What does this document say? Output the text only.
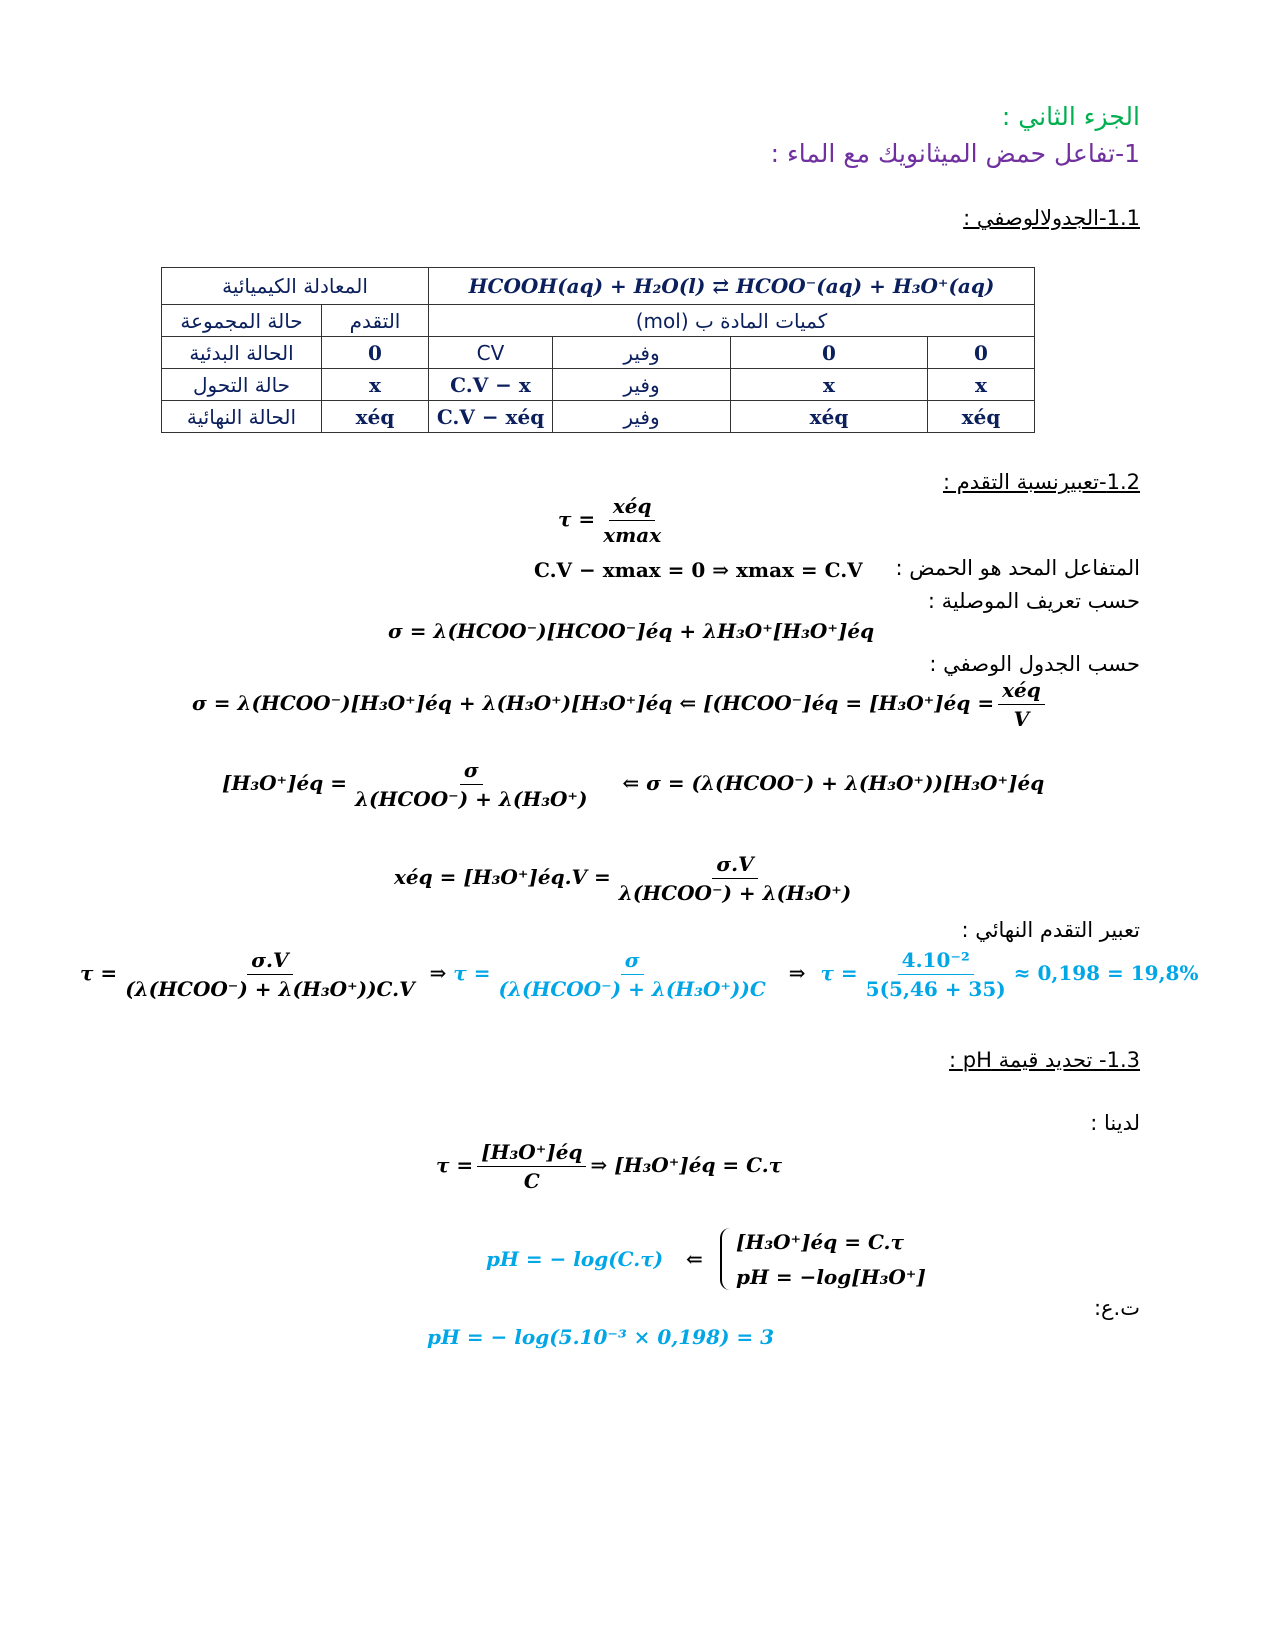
الجزء الثاني :
1-تفاعل حمض الميثانويك مع الماء :
1.1-الجدولالوصفي :
المعادلة الكيميائية		HCOOH(aq) + H₂O(l) ⇄ HCOO⁻(aq) + H₃O⁺(aq)			
حالة المجموعة	التقدم	كميات المادة ب (mol)			
الحالة البدئية	0	CV	وفير	0	0
حالة التحول	x	C.V − x	وفير	x	x
الحالة النهائية	xéq	C.V − xéq	وفير	xéq	xéq
1.2-تعبيرنسبة التقدم :
$\tau = \frac{\text{xéq}}{xmax}$
C.V − xmax = 0 ⇒ xmax = C.V المتفاعل المحد هو الحمض :
حسب تعريف الموصلية :
σ = λ(HCOO⁻)[HCOO⁻]éq + λH₃O⁺[H₃O⁺]éq
حسب الجدول الوصفي :
σ = λ(HCOO⁻)[H₃O⁺]éq + λ(H₃O⁺)[H₃O⁺]éq ⇐ [(HCOO⁻]éq = [H₃O⁺]éq = $\frac{\text{xéq}}{V}$
[H₃O⁺]éq = $\frac{\sigma}{\text{λ(HCOO⁻) + λ(H₃O⁺)}}$ ⇐ σ = (λ(HCOO⁻) + λ(H₃O⁺))[H₃O⁺]éq
xéq = [H₃O⁺]éq.V = $\frac{\sigma.V}{\text{λ(HCOO⁻) + λ(H₃O⁺)}}$
تعبير التقدم النهائي :
$\tau = \frac{\sigma.V}{\text{(λ(HCOO⁻) + λ(H₃O⁺))C.V}}$ ⇒ $\tau = \frac{\sigma}{\text{(λ(HCOO⁻) + λ(H₃O⁺))C}}$ ⇒ $\tau = \frac{\text{4.10⁻²}}{5(5,46 + 35)} \approx 0,198 = 19,8\%$
1.3- تحديد قيمة pH :
لدينا :
$\tau = \frac{\text{[H₃O⁺]éq}}{C}$ ⇒ [H₃O⁺]éq = C.τ
pH = − log(C.τ) ⇐
[H₃O⁺]éq = C.τ
pH = −log[H₃O⁺]
ت.ع:
pH = − log(5.10⁻³ × 0,198) = 3
